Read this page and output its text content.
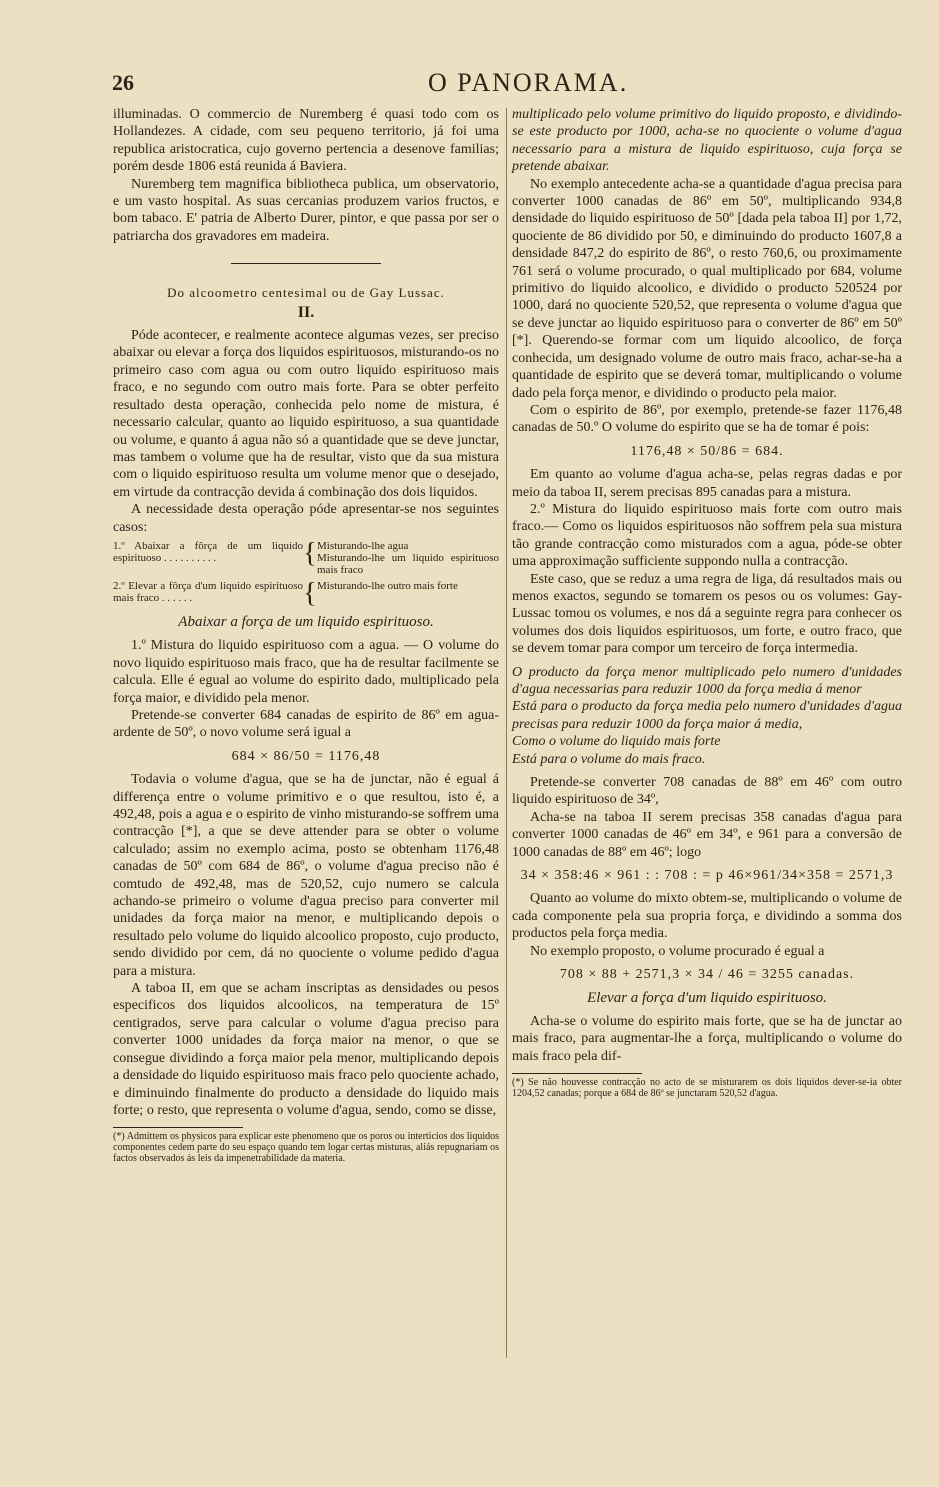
26	O PANORAMA.

illuminadas. O commercio de Nuremberg é quasi todo com os Hollandezes. A cidade, com seu pequeno territorio, já foi uma republica aristocratica, cujo governo pertencia a desenove familias; porém desde 1806 está reunida á Baviera.

Nuremberg tem magnifica bibliotheca publica, um observatorio, e um vasto hospital. As suas cercanias produzem varios fructos, e bom tabaco. E' patria de Alberto Durer, pintor, e que passa por ser o patriarcha dos gravadores em madeira.

Do alcoometro centesimal ou de Gay Lussac.
II.

Póde acontecer, e realmente acontece algumas vezes, ser preciso abaixar ou elevar a força dos liquidos espirituosos, misturando-os no primeiro caso com agua ou com outro liquido espirituoso mais fraco, e no segundo com outro mais forte. Para se obter perfeito resultado desta operação, conhecida pelo nome de mistura, é necessario calcular, quanto ao liquido espirituoso, a sua quantidade ou volume, e quanto á agua não só a quantidade que se deve junctar, mas tambem o volume que ha de resultar, visto que da sua mistura com o liquido espirituoso resulta um volume menor que o desejado, em virtude da contracção devida á combinação dos dois liquidos.

A necessidade desta operação póde apresentar-se nos seguintes casos:

1.º Abaixar a fôrça de um liquido espirituoso . . . . . . . . . .	{ Misturando-lhe agua
Misturando-lhe um liquido espirituoso mais fraco
2.º Elevar a fôrça d'um liquido espirituoso mais fraco . . . . . .	{ Misturando-lhe outro mais forte
Abaixar a força de um liquido espirituoso.

1.º Mistura do liquido espirituoso com a agua. — O volume do novo liquido espirituoso mais fraco, que ha de resultar facilmente se calcula. Elle é egual ao volume do espirito dado, multiplicado pela força maior, e dividido pela menor.

Pretende-se converter 684 canadas de espirito de 86º em agua-ardente de 50º, o novo volume será igual a

684 × 86/50 = 1176,48

Todavia o volume d'agua, que se ha de junctar, não é egual á differença entre o volume primitivo e o que resultou, isto é, a 492,48, pois a agua e o espirito de vinho misturando-se soffrem uma contracção [*], a que se deve attender para se obter o volume calculado; assim no exemplo acima, posto se obtenham 1176,48 canadas de 50º com 684 de 86º, o volume d'agua preciso não é comtudo de 492,48, mas de 520,52, cujo numero se calcula achando-se primeiro o volume d'agua preciso para converter mil unidades da força maior na menor, e multiplicando depois o resultado pelo volume do liquido alcoolico proposto, cujo producto, sendo dividido por cem, dá no quociente o volume pedido d'agua para a mistura.

A taboa II, em que se acham inscriptas as densidades ou pesos especificos dos liquidos alcoolicos, na temperatura de 15º centigrados, serve para calcular o volume d'agua preciso para converter 1000 unidades da força maior na menor, o que se consegue dividindo a força maior pela menor, multiplicando depois a densidade do liquido espirituoso mais fraco pelo quociente achado, e diminuindo finalmente do producto a densidade do liquido mais forte; o resto, que representa o volume d'agua, sendo, como se disse,

(*) Admittem os physicos para explicar este phenomeno que os poros ou interticios dos liquidos componentes cedem parte do seu espaço quando tem logar certas misturas, aliás repugnariam os factos observados ás leis da impenetrabilidade da materia.

multiplicado pelo volume primitivo do liquido proposto, e dividindo-se este producto por 1000, acha-se no quociente o volume d'agua necessario para a mistura de liquido espirituoso, cuja força se pretende abaixar.

No exemplo antecedente acha-se a quantidade d'agua precisa para converter 1000 canadas de 86º em 50º, multiplicando 934,8 densidade do liquido espirituoso de 50º [dada pela taboa II] por 1,72, quociente de 86 dividido por 50, e diminuindo do producto 1607,8 a densidade 847,2 do espirito de 86º, o resto 760,6, ou proximamente 761 será o volume procurado, o qual multiplicado por 684, volume primitivo do liquido alcoolico, e dividido o producto 520524 por 1000, dará no quociente 520,52, que representa o volume d'agua que se deve junctar ao liquido espirituoso para o converter de 86º em 50º [*]. Querendo-se formar com um liquido alcoolico, de força conhecida, um designado volume de outro mais fraco, achar-se-ha a quantidade de espirito que se deverá tomar, multiplicando o volume dado pela força menor, e dividindo o producto pela maior.

Com o espirito de 86º, por exemplo, pretende-se fazer 1176,48 canadas de 50.º O volume do espirito que se ha de tomar é pois:

1176,48 × 50/86 = 684.

Em quanto ao volume d'agua acha-se, pelas regras dadas e por meio da taboa II, serem precisas 895 canadas para a mistura.

2.º Mistura do liquido espirituoso mais forte com outro mais fraco.— Como os liquidos espirituosos não soffrem pela sua mistura tão grande contracção como misturados com a agua, póde-se obter uma approximação sufficiente suppondo nulla a contracção.

Este caso, que se reduz a uma regra de liga, dá resultados mais ou menos exactos, segundo se tomarem os pesos ou os volumes: Gay-Lussac tomou os volumes, e nos dá a seguinte regra para conhecer os volumes dos dois liquidos espirituosos, um forte, e outro fraco, que se devem tomar para compor um terceiro de força intermedia.

O producto da força menor multiplicado pelo numero d'unidades d'agua necessarias para reduzir 1000 da força media á menor

Está para o producto da força media pelo numero d'unidades d'agua precisas para reduzir 1000 da força maior á media,

Como o volume do liquido mais forte

Está para o volume do mais fraco.

Pretende-se converter 708 canadas de 88º em 46º com outro liquido espirituoso de 34º,

Acha-se na taboa II serem precisas 358 canadas d'agua para converter 1000 canadas de 46º em 34º, e 961 para a conversão de 1000 canadas de 88º em 46º; logo

34 × 358:46 × 961 : : 708 : = p 46×961/34×358 = 2571,3

Quanto ao volume do mixto obtem-se, multiplicando o volume de cada componente pela sua propria força, e dividindo a somma dos productos pela força media.

No exemplo proposto, o volume procurado é egual a

708 × 88 + 2571,3 × 34 / 46 = 3255 canadas.
Elevar a força d'um liquido espirituoso.

Acha-se o volume do espirito mais forte, que se ha de junctar ao mais fraco, para augmentar-lhe a força, multiplicando o volume do mais fraco pela dif-

(*) Se não houvesse contracção no acto de se misturarem os dois liquidos dever-se-ia obter 1204,52 canadas; porque a 684 de 86º se junctaram 520,52 d'agua.
